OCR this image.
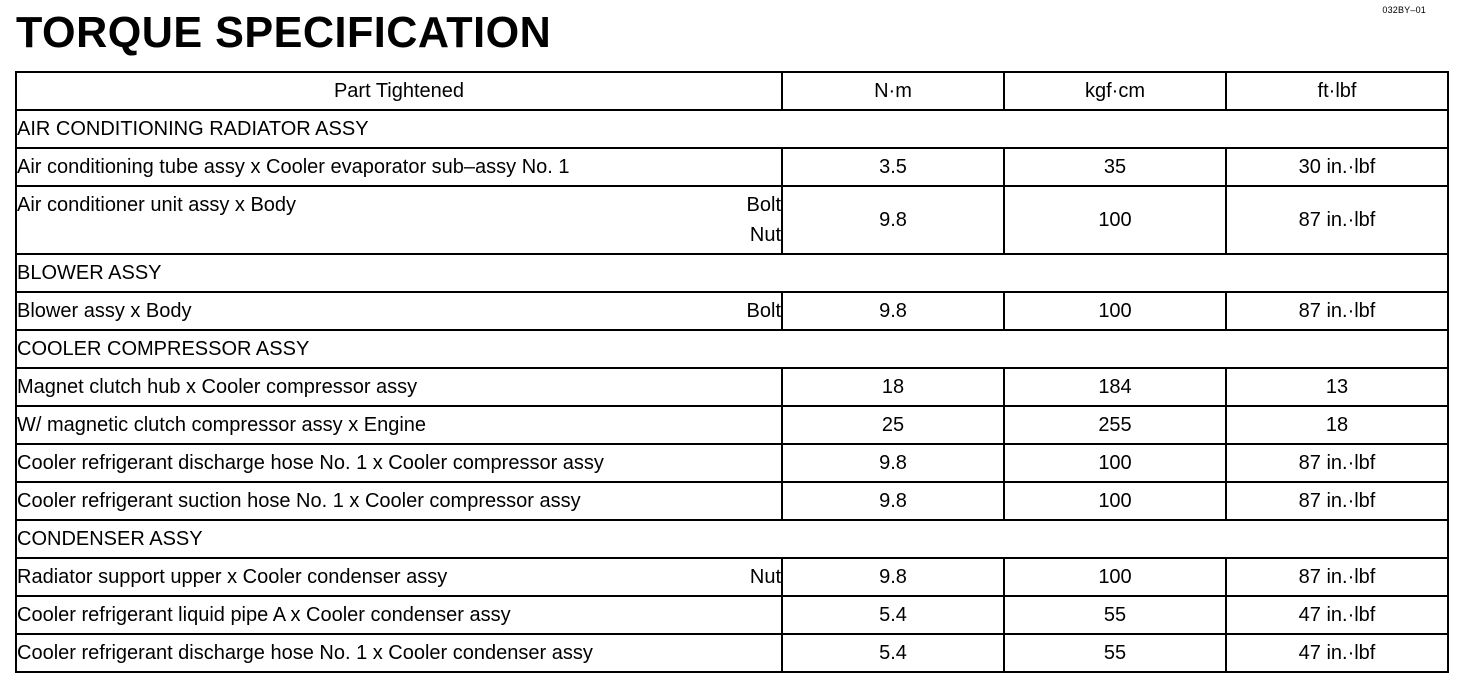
032BY–01
TORQUE SPECIFICATION
Part Tightened	N·m	kgf·cm	ft·lbf
AIR CONDITIONING RADIATOR ASSY			

Air conditioning tube assy x Cooler evaporator sub–assy No. 1	3.5	35	30 in.·lbf

Air conditioner unit assy x Body Bolt
Nut	9.8	100	87 in.·lbf
BLOWER ASSY			

Blower assy x Body Bolt	9.8	100	87 in.·lbf
COOLER COMPRESSOR ASSY			

Magnet clutch hub x Cooler compressor assy	18	184	13

W/ magnetic clutch compressor assy x Engine	25	255	18

Cooler refrigerant discharge hose No. 1 x Cooler compressor assy	9.8	100	87 in.·lbf

Cooler refrigerant suction hose No. 1 x Cooler compressor assy	9.8	100	87 in.·lbf
CONDENSER ASSY			

Radiator support upper x Cooler condenser assy Nut	9.8	100	87 in.·lbf

Cooler refrigerant liquid pipe A x Cooler condenser assy	5.4	55	47 in.·lbf

Cooler refrigerant discharge hose No. 1 x Cooler condenser assy	5.4	55	47 in.·lbf
